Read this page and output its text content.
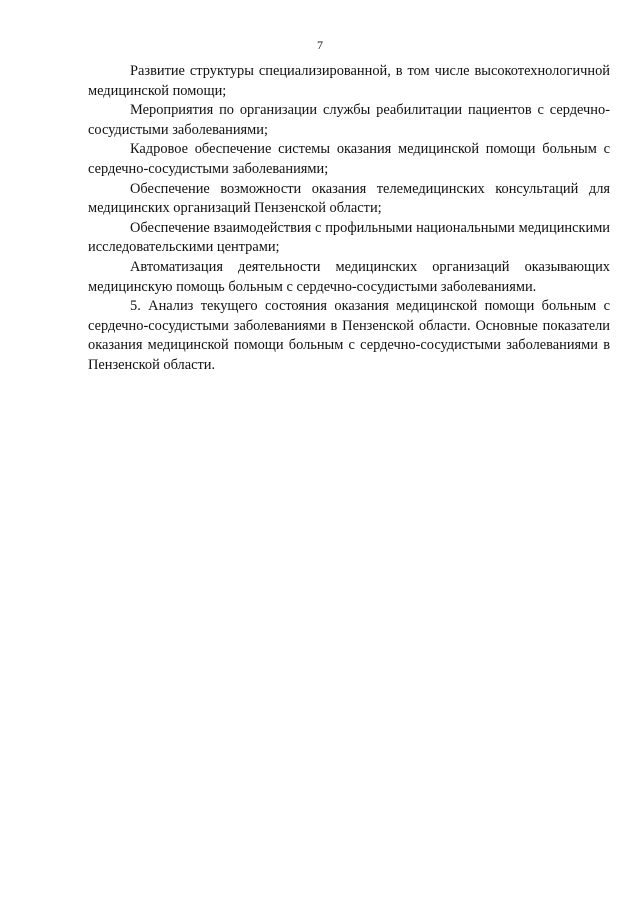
7

Развитие структуры специализированной, в том числе высокотехнологичной медицинской помощи;

Мероприятия по организации службы реабилитации пациентов с сердечно-сосудистыми заболеваниями;

Кадровое обеспечение системы оказания медицинской помощи больным с сердечно-сосудистыми заболеваниями;

Обеспечение возможности оказания телемедицинских консультаций для медицинских организаций Пензенской области;

Обеспечение взаимодействия с профильными национальными медицинскими исследовательскими центрами;

Автоматизация деятельности медицинских организаций оказывающих медицинскую помощь больным с сердечно-сосудистыми заболеваниями.

5. Анализ текущего состояния оказания медицинской помощи больным с сердечно-сосудистыми заболеваниями в Пензенской области. Основные показатели оказания медицинской помощи больным с сердечно-сосудистыми заболеваниями в Пензенской области.
